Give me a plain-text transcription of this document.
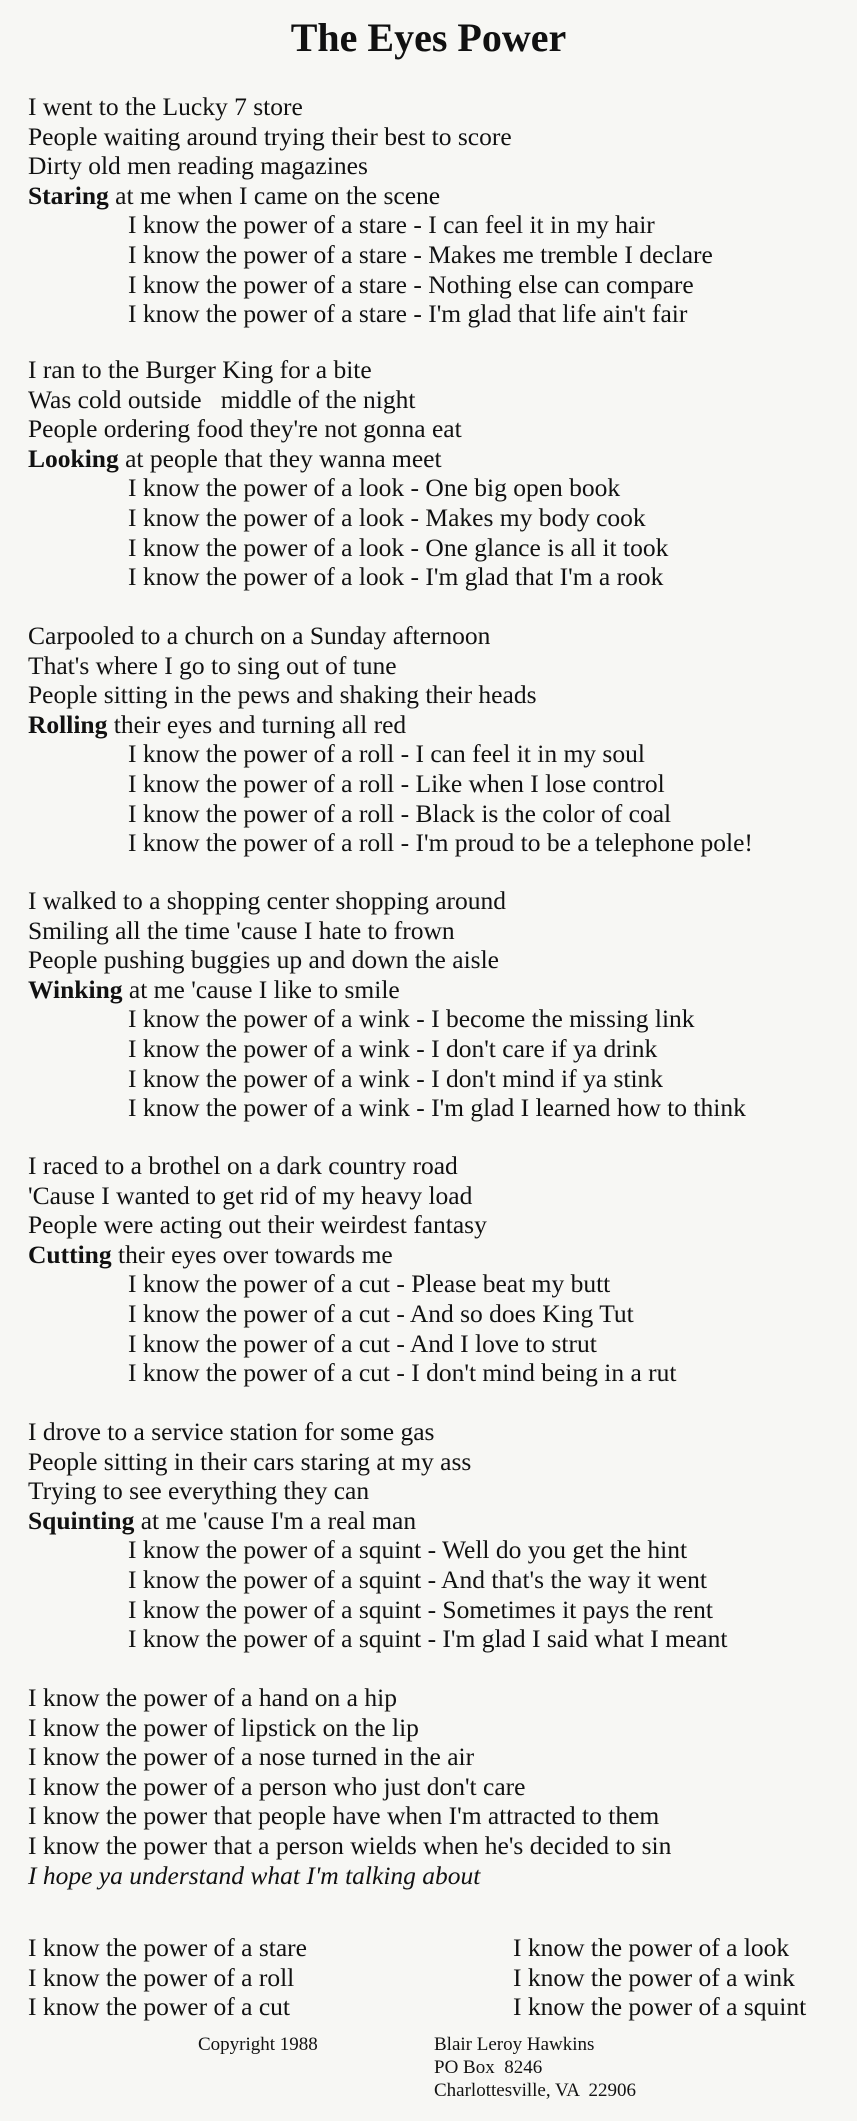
The Eyes Power
I went to the Lucky 7 store
People waiting around trying their best to score
Dirty old men reading magazines
Staring at me when I came on the scene
I know the power of a stare - I can feel it in my hair
I know the power of a stare - Makes me tremble I declare
I know the power of a stare - Nothing else can compare
I know the power of a stare - I'm glad that life ain't fair
I ran to the Burger King for a bite
Was cold outside   middle of the night
People ordering food they're not gonna eat
Looking at people that they wanna meet
I know the power of a look - One big open book
I know the power of a look - Makes my body cook
I know the power of a look - One glance is all it took
I know the power of a look - I'm glad that I'm a rook
Carpooled to a church on a Sunday afternoon
That's where I go to sing out of tune
People sitting in the pews and shaking their heads
Rolling their eyes and turning all red
I know the power of a roll - I can feel it in my soul
I know the power of a roll - Like when I lose control
I know the power of a roll - Black is the color of coal
I know the power of a roll - I'm proud to be a telephone pole!
I walked to a shopping center shopping around
Smiling all the time 'cause I hate to frown
People pushing buggies up and down the aisle
Winking at me 'cause I like to smile
I know the power of a wink - I become the missing link
I know the power of a wink - I don't care if ya drink
I know the power of a wink - I don't mind if ya stink
I know the power of a wink - I'm glad I learned how to think
I raced to a brothel on a dark country road
'Cause I wanted to get rid of my heavy load
People were acting out their weirdest fantasy
Cutting their eyes over towards me
I know the power of a cut - Please beat my butt
I know the power of a cut - And so does King Tut
I know the power of a cut - And I love to strut
I know the power of a cut - I don't mind being in a rut
I drove to a service station for some gas
People sitting in their cars staring at my ass
Trying to see everything they can
Squinting at me 'cause I'm a real man
I know the power of a squint - Well do you get the hint
I know the power of a squint - And that's the way it went
I know the power of a squint - Sometimes it pays the rent
I know the power of a squint - I'm glad I said what I meant
I know the power of a hand on a hip
I know the power of lipstick on the lip
I know the power of a nose turned in the air
I know the power of a person who just don't care
I know the power that people have when I'm attracted to them
I know the power that a person wields when he's decided to sin
I hope ya understand what I'm talking about
I know the power of a stare
I know the power of a roll
I know the power of a cut
I know the power of a look
I know the power of a wink
I know the power of a squint
Copyright 1988	Blair Leroy Hawkins
PO Box  8246
Charlottesville, VA  22906
